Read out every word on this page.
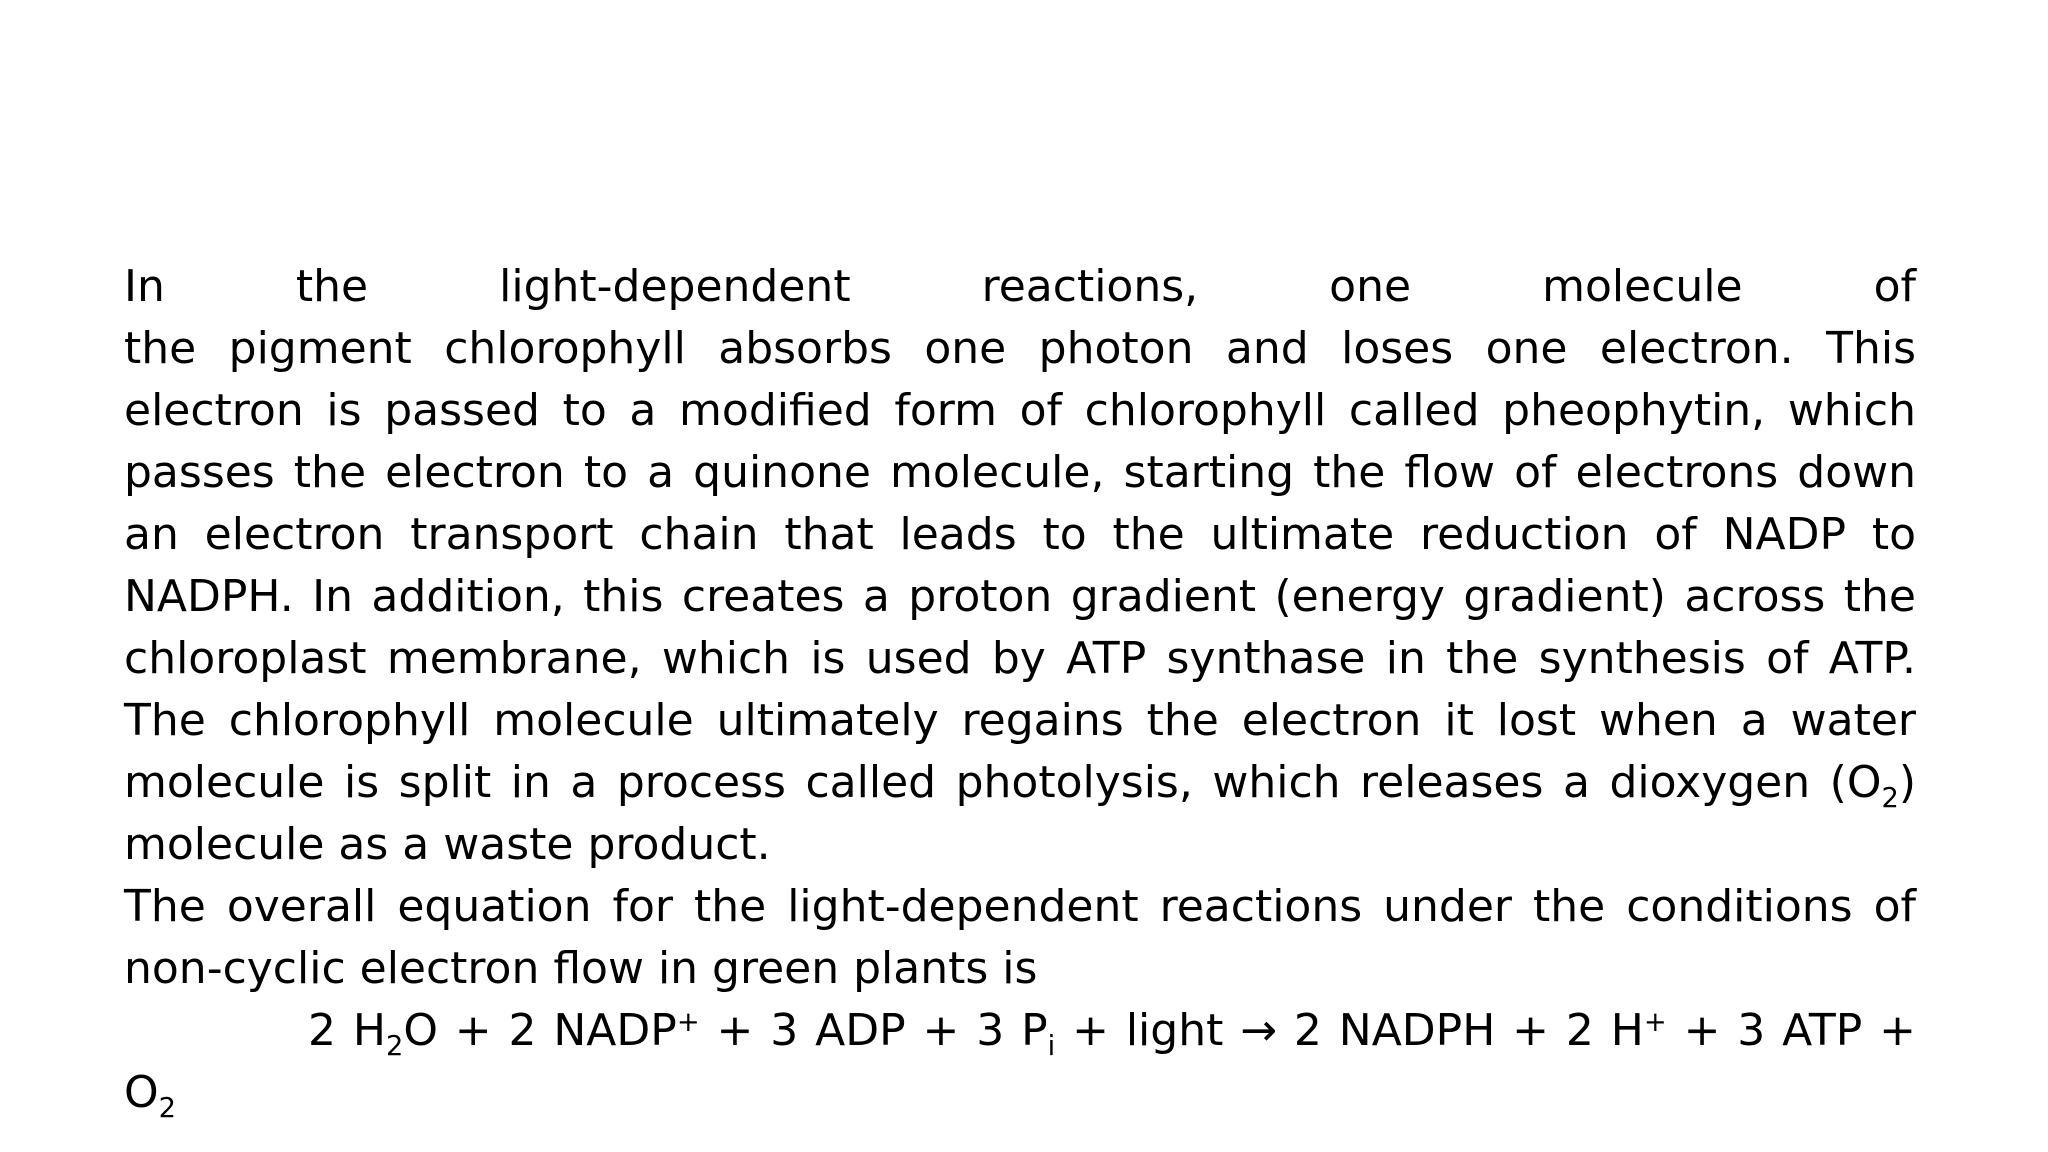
In the light-dependent reactions, one molecule of
the pigment chlorophyll absorbs one photon and loses one electron. This electron is passed to a modified form of chlorophyll called pheophytin, which passes the electron to a quinone molecule, starting the flow of electrons down an electron transport chain that leads to the ultimate reduction of NADP to NADPH. In addition, this creates a proton gradient (energy gradient) across the chloroplast membrane, which is used by ATP synthase in the synthesis of ATP. The chlorophyll molecule ultimately regains the electron it lost when a water molecule is split in a process called photolysis, which releases a dioxygen $(O_2)$ molecule as a waste product.

The overall equation for the light-dependent reactions under the conditions of non-cyclic electron flow in green plants is

2 $H_2O + 2$ NADP+ + 3 ADP + 3 $P_i$ + light → 2 NADPH + 2 H+ + 3 ATP + $O_2$
